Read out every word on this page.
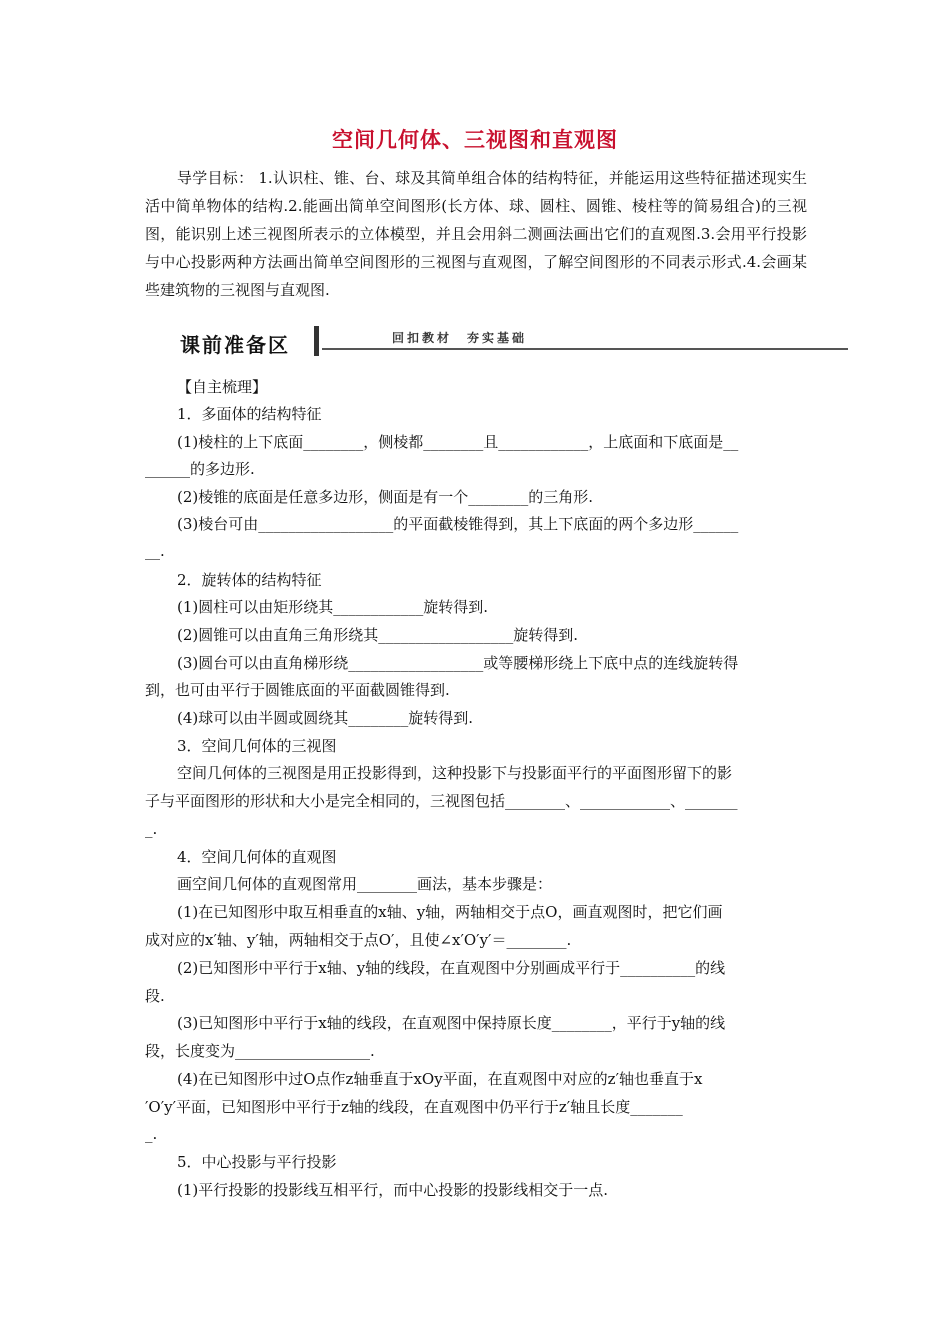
空间几何体、三视图和直观图

导学目标： 1.认识柱、锥、台、球及其简单组合体的结构特征，并能运用这些特征描述现实生活中简单物体的结构.2.能画出简单空间图形(长方体、球、圆柱、圆锥、棱柱等的简易组合)的三视图，能识别上述三视图所表示的立体模型，并且会用斜二测画法画出它们的直观图.3.会用平行投影与中心投影两种方法画出简单空间图形的三视图与直观图，了解空间图形的不同表示形式.4.会画某些建筑物的三视图与直观图.

课前准备区	回扣教材　夯实基础
【自主梳理】
1．多面体的结构特征
(1)棱柱的上下底面________，侧棱都________且____________，上底面和下底面是__
______的多边形.
(2)棱锥的底面是任意多边形，侧面是有一个________的三角形.
(3)棱台可由__________________的平面截棱锥得到，其上下底面的两个多边形______
__.
2．旋转体的结构特征
(1)圆柱可以由矩形绕其____________旋转得到.
(2)圆锥可以由直角三角形绕其__________________旋转得到.
(3)圆台可以由直角梯形绕__________________或等腰梯形绕上下底中点的连线旋转得
到，也可由平行于圆锥底面的平面截圆锥得到.
(4)球可以由半圆或圆绕其________旋转得到.
3．空间几何体的三视图
空间几何体的三视图是用正投影得到，这种投影下与投影面平行的平面图形留下的影
子与平面图形的形状和大小是完全相同的，三视图包括________、____________、_______
_.
4．空间几何体的直观图
画空间几何体的直观图常用________画法，基本步骤是：
(1)在已知图形中取互相垂直的x轴、y轴，两轴相交于点O，画直观图时，把它们画
成对应的x′轴、y′轴，两轴相交于点O′，且使∠x′O′y′＝________.
(2)已知图形中平行于x轴、y轴的线段，在直观图中分别画成平行于__________的线
段.
(3)已知图形中平行于x轴的线段，在直观图中保持原长度________，平行于y轴的线
段，长度变为__________________.
(4)在已知图形中过O点作z轴垂直于xOy平面，在直观图中对应的z′轴也垂直于x
′O′y′平面，已知图形中平行于z轴的线段，在直观图中仍平行于z′轴且长度_______
_.
5．中心投影与平行投影
(1)平行投影的投影线互相平行，而中心投影的投影线相交于一点.
